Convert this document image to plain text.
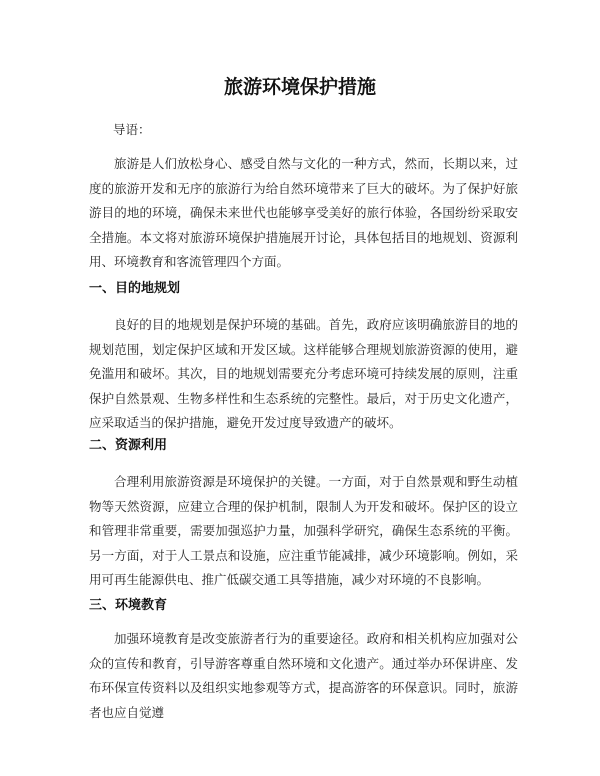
旅游环境保护措施

导语：

旅游是人们放松身心、感受自然与文化的一种方式，然而，长期以来，过度的旅游开发和无序的旅游行为给自然环境带来了巨大的破坏。为了保护好旅游目的地的环境，确保未来世代也能够享受美好的旅行体验，各国纷纷采取安全措施。本文将对旅游环境保护措施展开讨论，具体包括目的地规划、资源利用、环境教育和客流管理四个方面。

一、目的地规划

良好的目的地规划是保护环境的基础。首先，政府应该明确旅游目的地的规划范围，划定保护区域和开发区域。这样能够合理规划旅游资源的使用，避免滥用和破坏。其次，目的地规划需要充分考虑环境可持续发展的原则，注重保护自然景观、生物多样性和生态系统的完整性。最后，对于历史文化遗产，应采取适当的保护措施，避免开发过度导致遗产的破坏。

二、资源利用

合理利用旅游资源是环境保护的关键。一方面，对于自然景观和野生动植物等天然资源，应建立合理的保护机制，限制人为开发和破坏。保护区的设立和管理非常重要，需要加强巡护力量，加强科学研究，确保生态系统的平衡。另一方面，对于人工景点和设施，应注重节能减排，减少环境影响。例如，采用可再生能源供电、推广低碳交通工具等措施，减少对环境的不良影响。

三、环境教育

加强环境教育是改变旅游者行为的重要途径。政府和相关机构应加强对公众的宣传和教育，引导游客尊重自然环境和文化遗产。通过举办环保讲座、发布环保宣传资料以及组织实地参观等方式，提高游客的环保意识。同时，旅游者也应自觉遵
